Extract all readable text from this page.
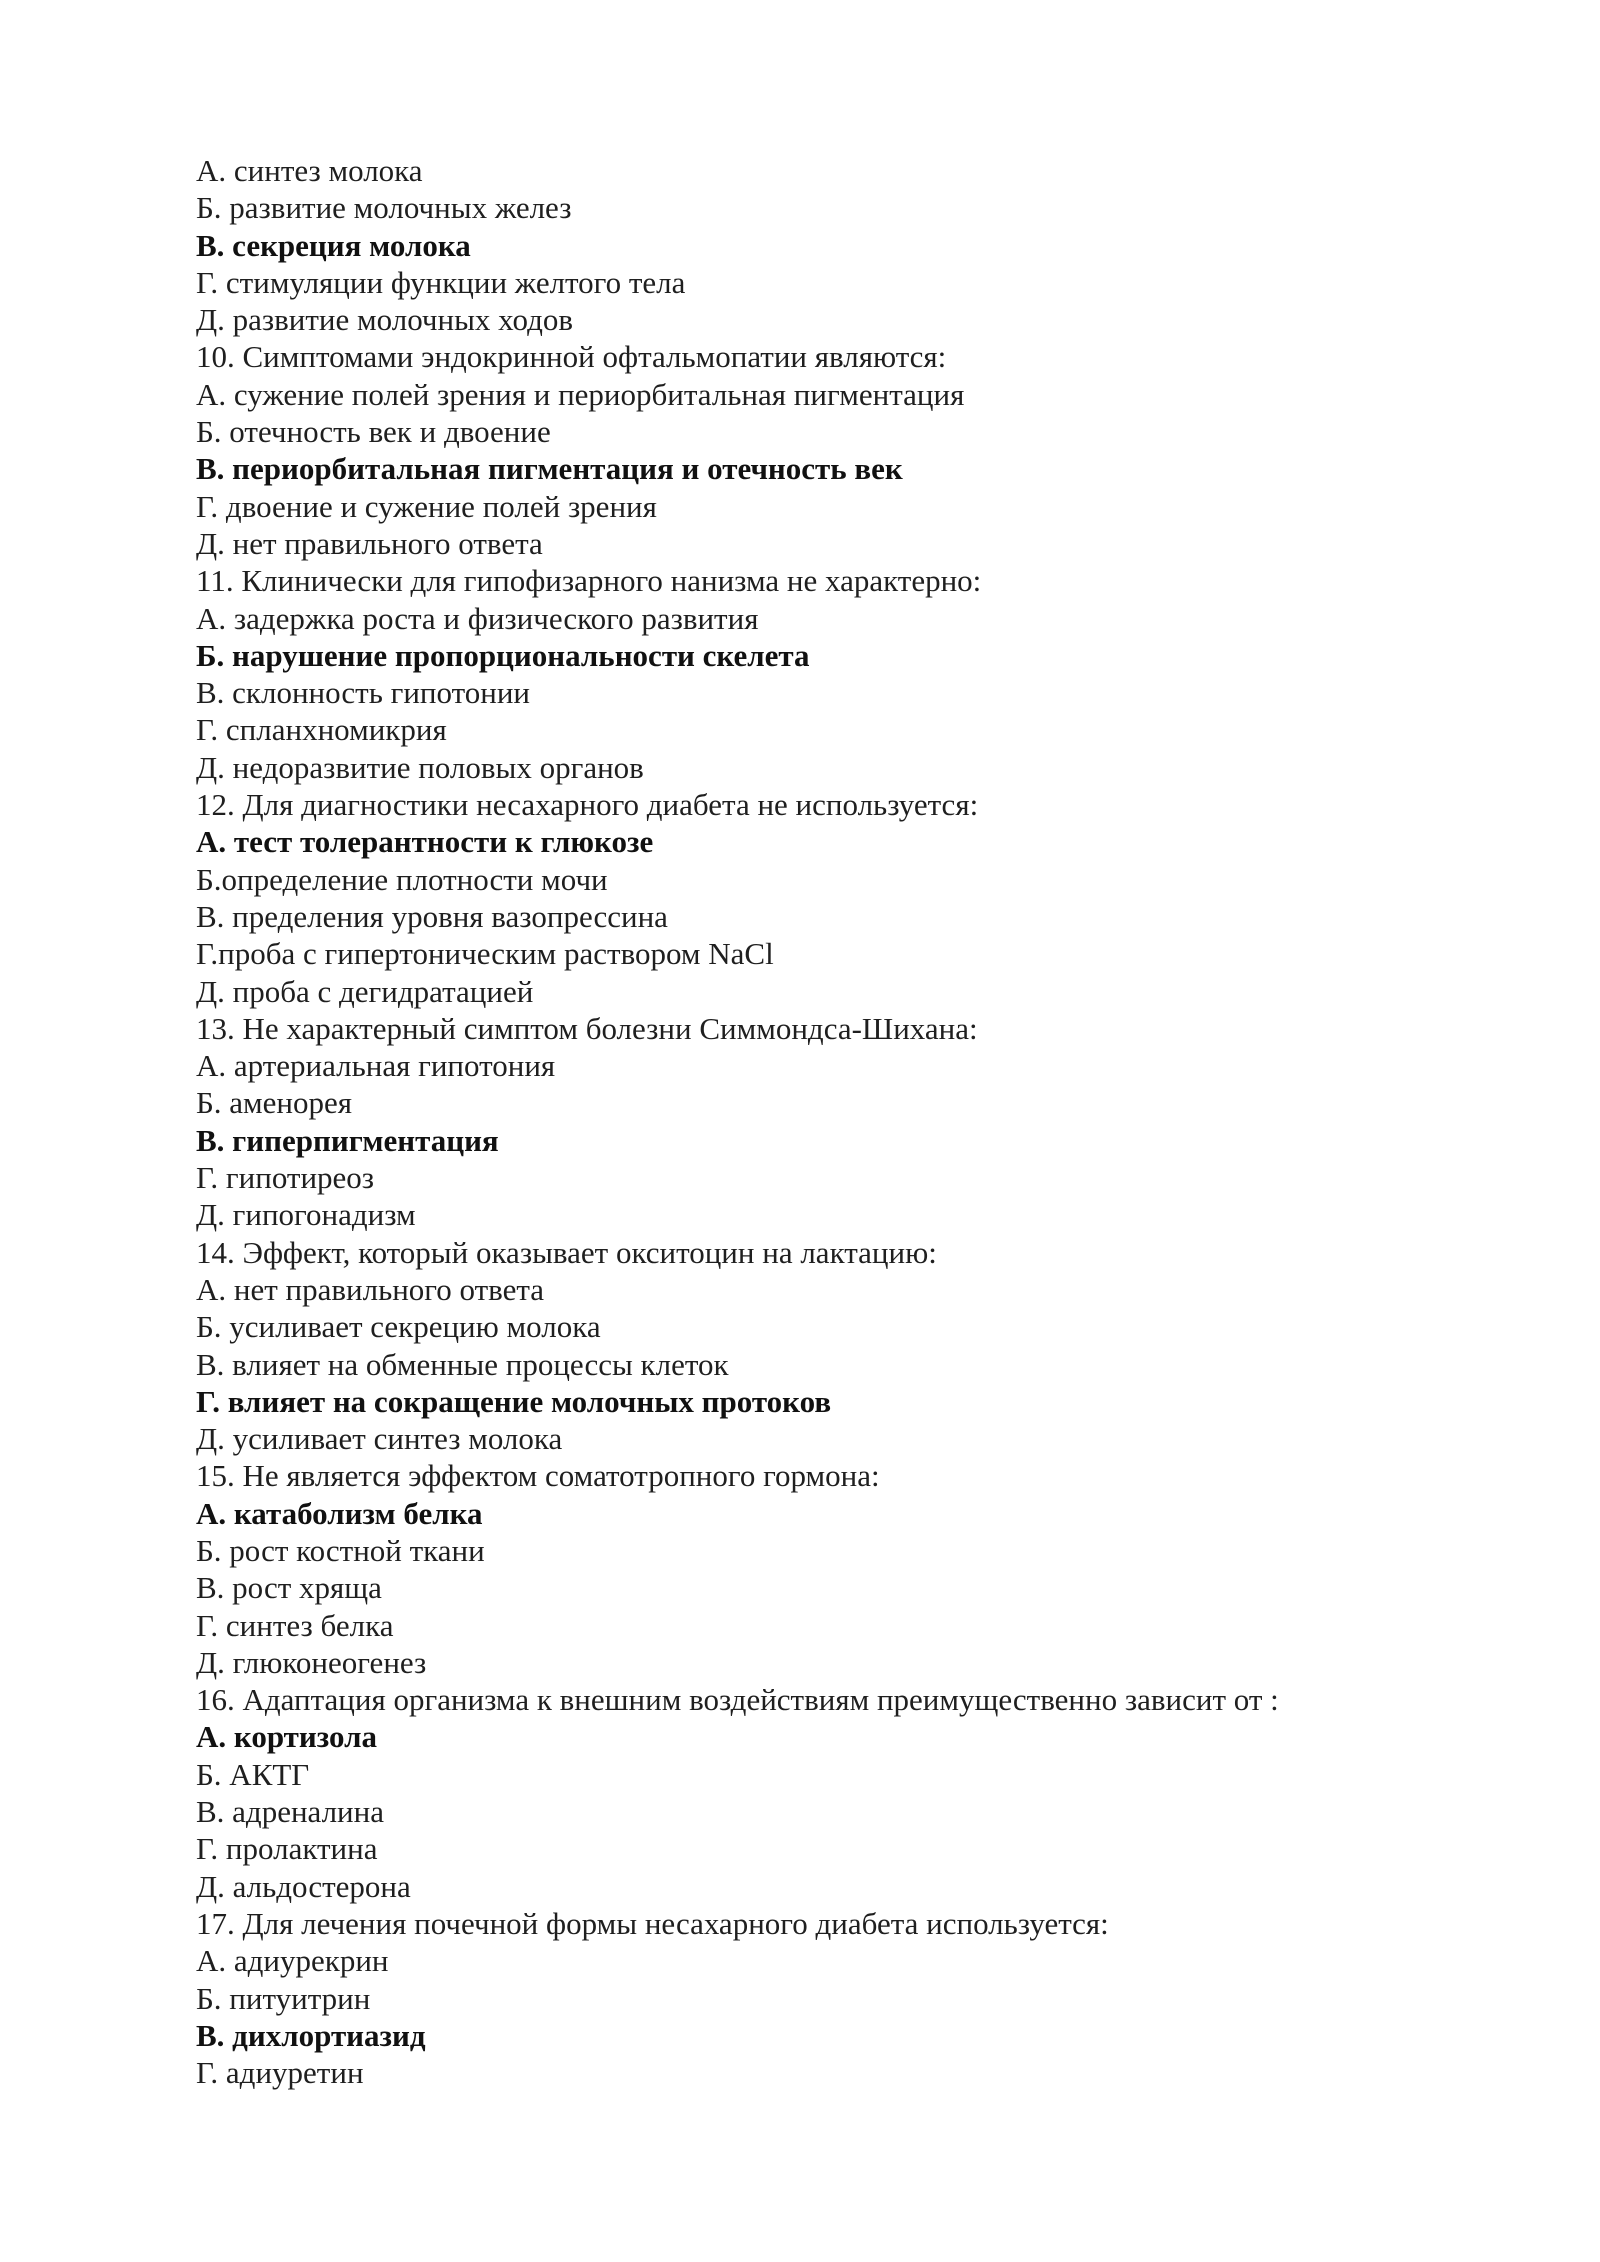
А. синтез молока
Б. развитие молочных желез
В. секреция молока
Г. стимуляции функции желтого тела
Д. развитие молочных ходов
10. Симптомами эндокринной офтальмопатии являются:
А. сужение полей зрения и периорбитальная пигментация
Б. отечность век и двоение
В. периорбитальная пигментация и отечность век
Г. двоение и сужение полей зрения
Д. нет правильного ответа
11. Клинически для гипофизарного нанизма не характерно:
А. задержка роста и физического развития
Б. нарушение пропорциональности скелета
В. склонность гипотонии
Г. спланхномикрия
Д. недоразвитие половых органов
12. Для диагностики несахарного диабета не используется:
А. тест толерантности к глюкозе
Б.определение плотности мочи
В. пределения уровня вазопрессина
Г.проба с гипертоническим раствором NaCl
Д. проба с дегидратацией
13. Не характерный симптом болезни Симмондса-Шихана:
А. артериальная гипотония
Б. аменорея
В. гиперпигментация
Г. гипотиреоз
Д. гипогонадизм
14. Эффект, который оказывает окситоцин на лактацию:
А. нет правильного ответа
Б. усиливает секрецию молока
В. влияет на обменные процессы клеток
Г. влияет на сокращение молочных протоков
Д. усиливает синтез молока
15. Не является эффектом соматотропного гормона:
А. катаболизм белка
Б. рост костной ткани
В. рост хряща
Г. синтез белка
Д. глюконеогенез
16. Адаптация организма к внешним воздействиям преимущественно зависит от :
А. кортизола
Б. АКТГ
В. адреналина
Г. пролактина
Д. альдостерона
17. Для лечения почечной формы несахарного диабета используется:
А. адиурекрин
Б. питуитрин
В. дихлортиазид
Г. адиуретин
